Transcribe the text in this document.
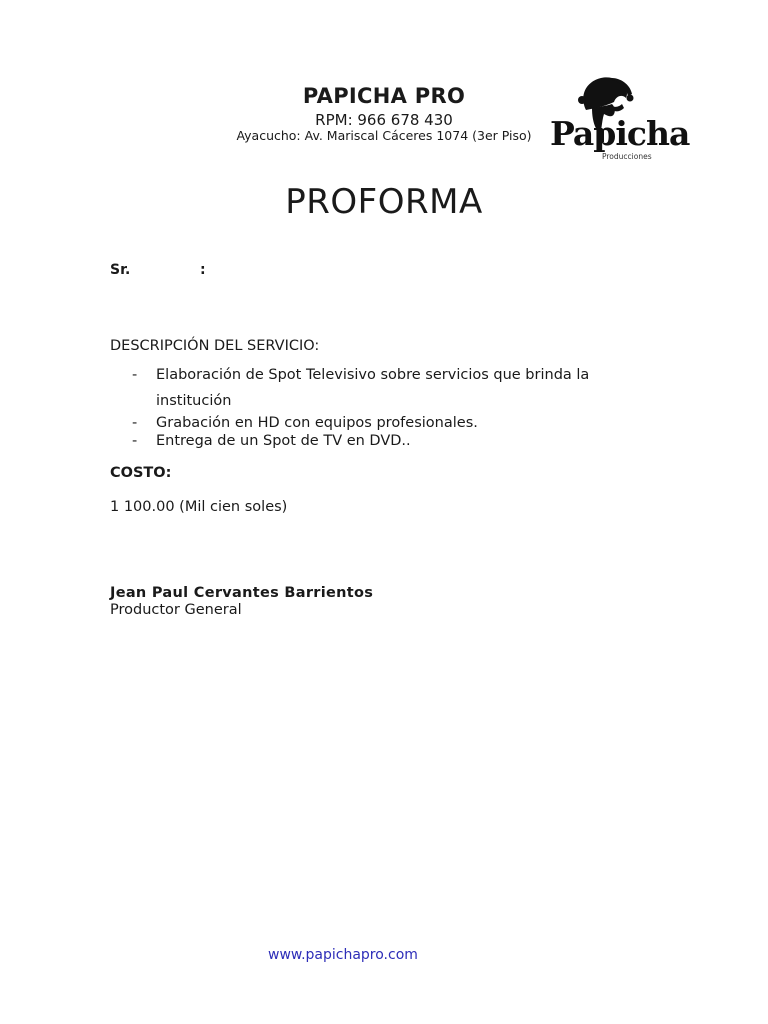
PAPICHA PRO
RPM: 966 678 430
Ayacucho: Av. Mariscal Cáceres 1074 (3er Piso) Papicha
Producciones
PROFORMA
Sr.	:
DESCRIPCIÓN DEL SERVICIO:
- Elaboración de Spot Televisivo sobre servicios que brinda la institución
- Grabación en HD con equipos profesionales.
- Entrega de un Spot de TV en DVD..
COSTO:
1 100.00 (Mil cien soles)
Jean Paul Cervantes Barrientos
Productor General
www.papichapro.com
